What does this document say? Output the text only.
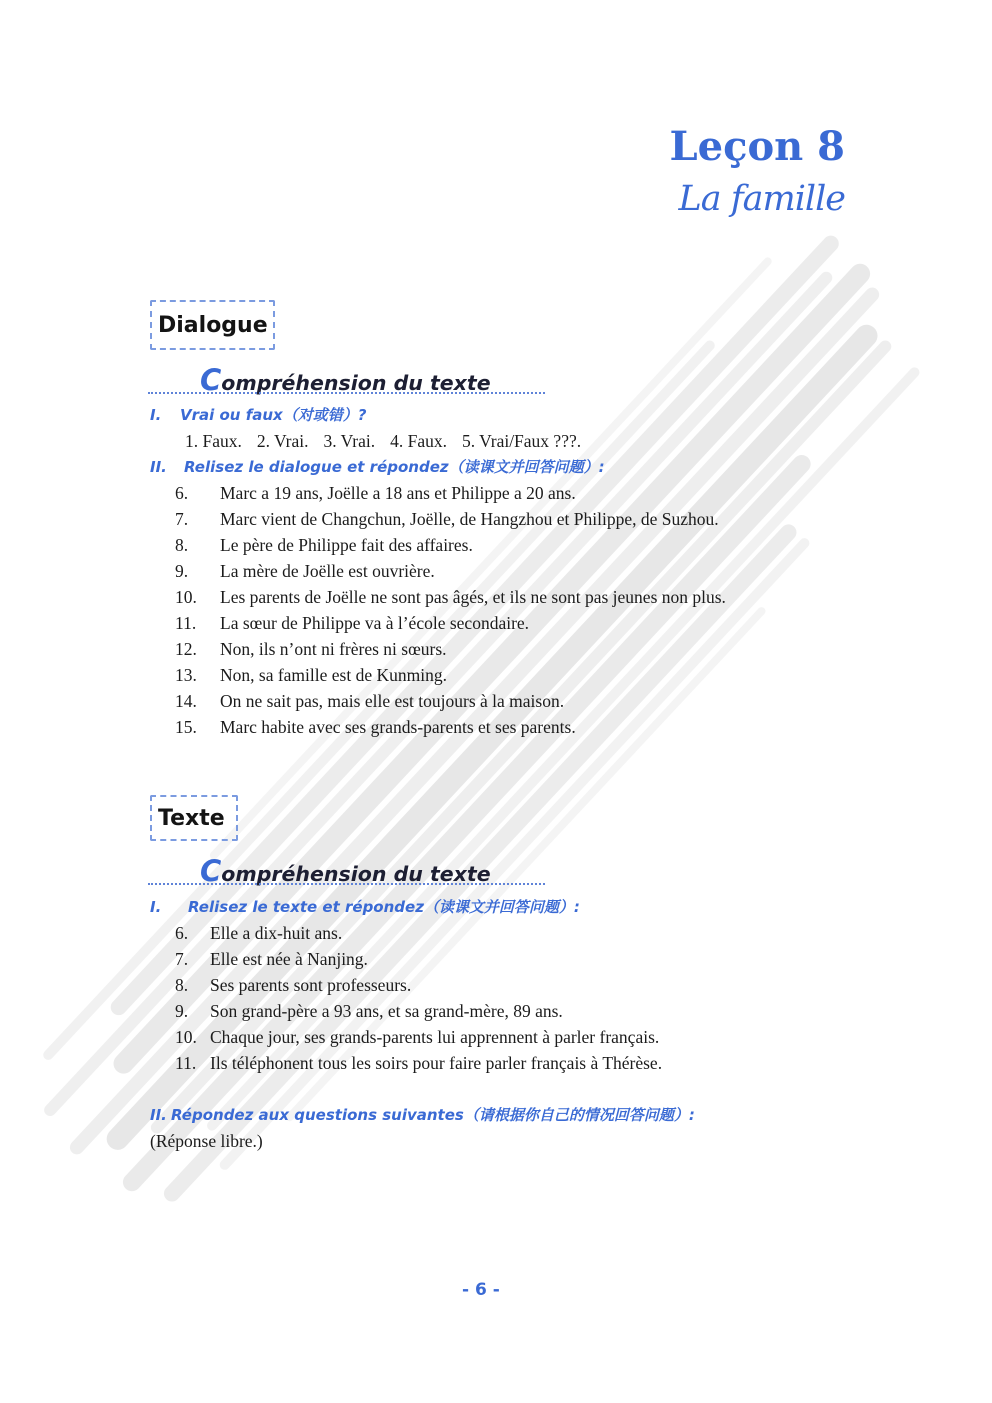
Leçon 8
La famille
Dialogue
Compréhension du texte
I. Vrai ou faux（对或错）?
1. Faux. 2. Vrai. 3. Vrai. 4. Faux. 5. Vrai/Faux ???.
II. Relisez le dialogue et répondez（读课文并回答问题）:
6. Marc a 19 ans, Joëlle a 18 ans et Philippe a 20 ans.
7. Marc vient de Changchun, Joëlle, de Hangzhou et Philippe, de Suzhou.
8. Le père de Philippe fait des affaires.
9. La mère de Joëlle est ouvrière.
10. Les parents de Joëlle ne sont pas âgés, et ils ne sont pas jeunes non plus.
11. La sœur de Philippe va à l’école secondaire.
12. Non, ils n’ont ni frères ni sœurs.
13. Non, sa famille est de Kunming.
14. On ne sait pas, mais elle est toujours à la maison.
15. Marc habite avec ses grands-parents et ses parents.
Texte
Compréhension du texte
I. Relisez le texte et répondez（读课文并回答问题）:
6. Elle a dix-huit ans.
7. Elle est née à Nanjing.
8. Ses parents sont professeurs.
9. Son grand-père a 93 ans, et sa grand-mère, 89 ans.
10. Chaque jour, ses grands-parents lui apprennent à parler français.
11. Ils téléphonent tous les soirs pour faire parler français à Thérèse.
II. Répondez aux questions suivantes（请根据你自己的情况回答问题）:
(Réponse libre.)
- 6 -
